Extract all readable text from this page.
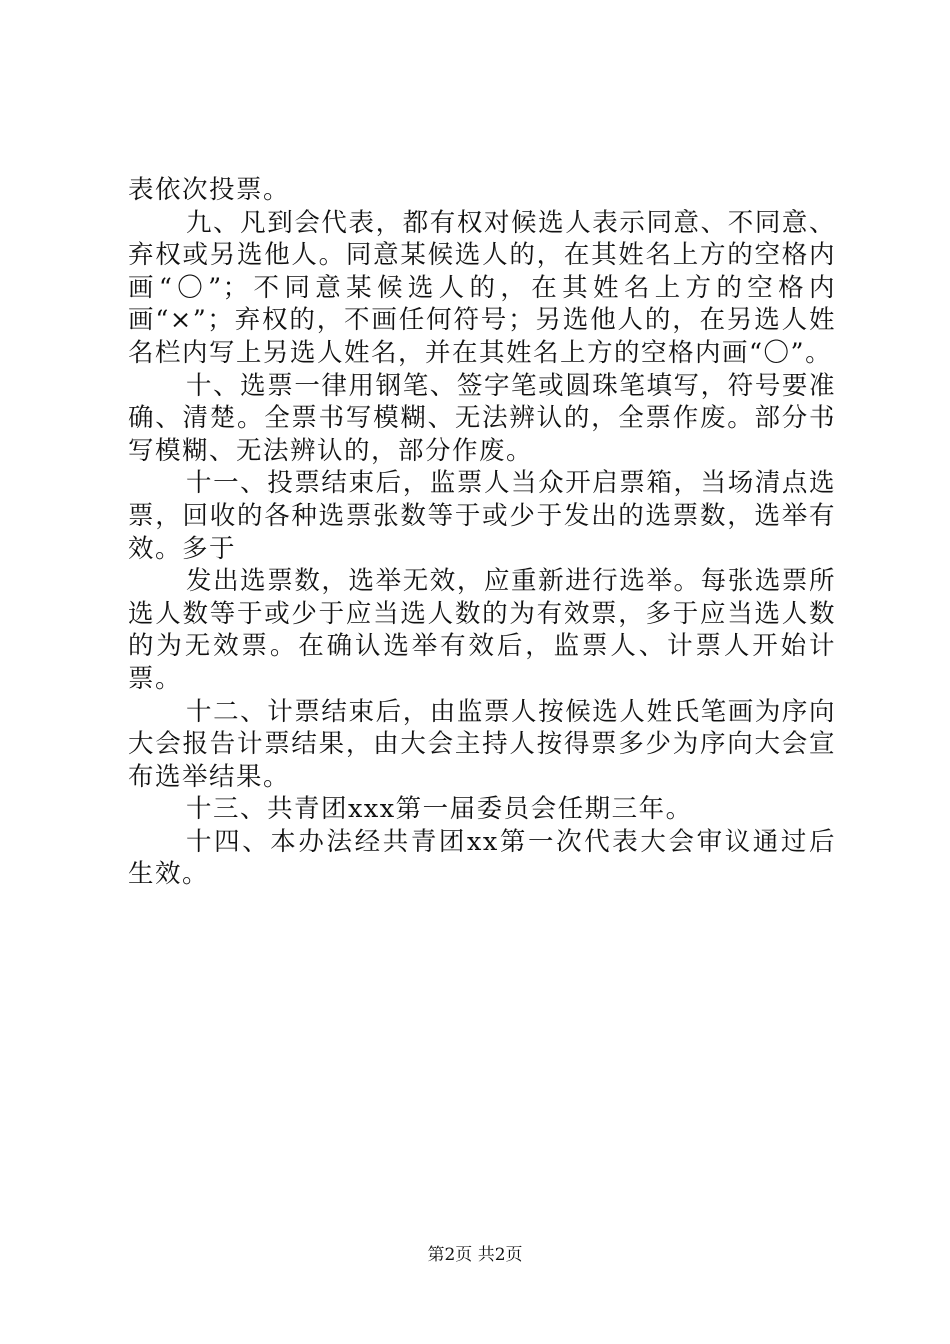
表依次投票。

九、凡到会代表，都有权对候选人表示同意、不同意、弃权或另选他人。同意某候选人的，在其姓名上方的空格内画“〇”；不同意某候选人的，在其姓名上方的空格内画“×”；弃权的，不画任何符号；另选他人的，在另选人姓名栏内写上另选人姓名，并在其姓名上方的空格内画“〇”。

十、选票一律用钢笔、签字笔或圆珠笔填写，符号要准确、清楚。全票书写模糊、无法辨认的，全票作废。部分书写模糊、无法辨认的，部分作废。

十一、投票结束后，监票人当众开启票箱，当场清点选票，回收的各种选票张数等于或少于发出的选票数，选举有效。多于

发出选票数，选举无效，应重新进行选举。每张选票所选人数等于或少于应当选人数的为有效票，多于应当选人数的为无效票。在确认选举有效后，监票人、计票人开始计票。

十二、计票结束后，由监票人按候选人姓氏笔画为序向大会报告计票结果，由大会主持人按得票多少为序向大会宣布选举结果。

十三、共青团xxx第一届委员会任期三年。

十四、本办法经共青团xx第一次代表大会审议通过后生效。

第2页 共2页
